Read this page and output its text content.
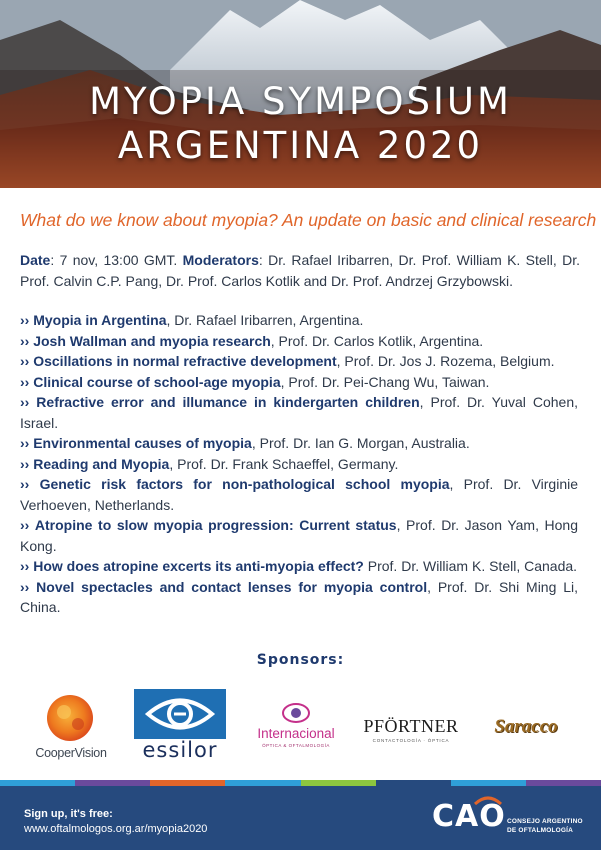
MYOPIA SYMPOSIUM
ARGENTINA 2020
What do we know about myopia? An update on basic and clinical research

Date: 7 nov, 13:00 GMT. Moderators: Dr. Rafael Iribarren, Dr. Prof. William K. Stell, Dr. Prof. Calvin C.P. Pang, Dr. Prof. Carlos Kotlik and Dr. Prof. Andrzej Grzybowski.

›› Myopia in Argentina, Dr. Rafael Iribarren, Argentina.
›› Josh Wallman and myopia research, Prof. Dr. Carlos Kotlik, Argentina.
›› Oscillations in normal refractive development, Prof. Dr. Jos J. Rozema, Belgium.
›› Clinical course of school-age myopia, Prof. Dr. Pei-Chang Wu, Taiwan.
›› Refractive error and illumance in kindergarten children, Prof. Dr. Yuval Cohen, Israel.
›› Environmental causes of myopia, Prof. Dr. Ian G. Morgan, Australia.
›› Reading and Myopia, Prof. Dr. Frank Schaeffel, Germany.
›› Genetic risk factors for non-pathological school myopia, Prof. Dr. Virginie Verhoeven, Netherlands.
›› Atropine to slow myopia progression: Current status, Prof. Dr. Jason Yam, Hong Kong.
›› How does atropine excerts its anti-myopia effect? Prof. Dr. William K. Stell, Canada.
›› Novel spectacles and contact lenses for myopia control, Prof. Dr. Shi Ming Li, China.
Sponsors:
CooperVision	essilor
Internacional
ÓPTICA & OFTALMOLOGÍA
PFÖRTNER
CONTACTOLOGÍA · ÓPTICA
Saracco
Sign up, it's free:
www.oftalmologos.org.ar/myopia2020	CAO CONSEJO ARGENTINO
DE OFTALMOLOGÍA
